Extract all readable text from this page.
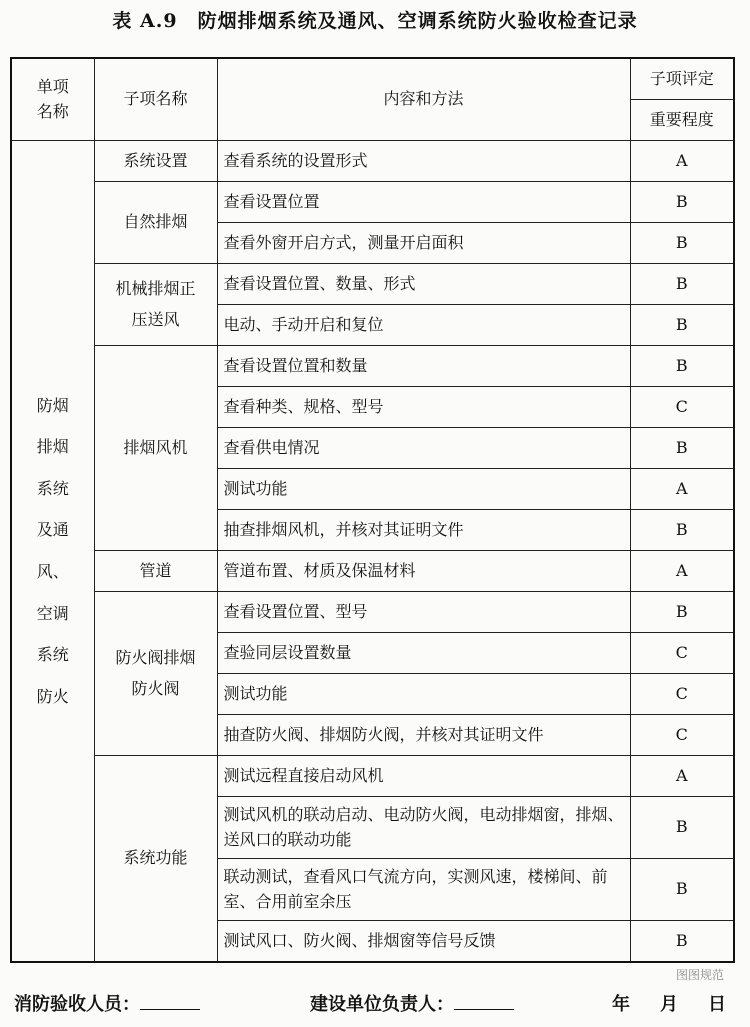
表 A.9　防烟排烟系统及通风、空调系统防火验收检查记录
单项名称	子项名称	内容和方法	子项评定
			重要程度
防烟排烟系统及通风、空调系统防火	系统设置	查看系统的设置形式	A
	自然排烟	查看设置位置	B
		查看外窗开启方式，测量开启面积	B
	机械排烟正压送风	查看设置位置、数量、形式	B
		电动、手动开启和复位	B
	排烟风机	查看设置位置和数量	B
		查看种类、规格、型号	C
		查看供电情况	B
		测试功能	A
		抽查排烟风机，并核对其证明文件	B
	管道	管道布置、材质及保温材料	A
	防火阀排烟防火阀	查看设置位置、型号	B
		查验同层设置数量	C
		测试功能	C
		抽查防火阀、排烟防火阀，并核对其证明文件	C
	系统功能	测试远程直接启动风机	A
		测试风机的联动启动、电动防火阀，电动排烟窗，排烟、送风口的联动功能	B
		联动测试，查看风口气流方向，实测风速，楼梯间、前室、合用前室余压	B
		测试风口、防火阀、排烟窗等信号反馈	B
消防验收人员：	建设单位负责人：	年　月　日
图图规范
